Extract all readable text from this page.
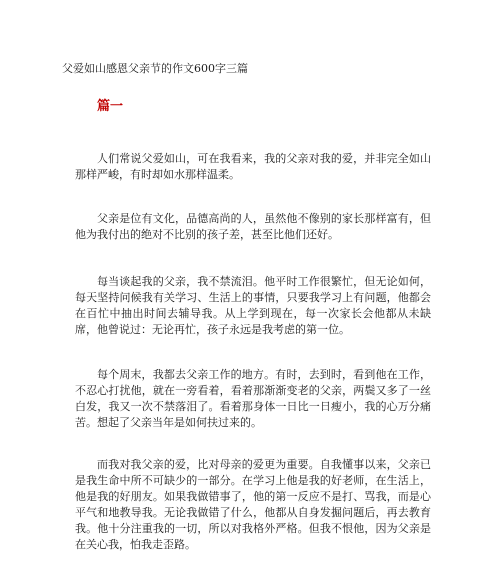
父爱如山感恩父亲节的作文600字三篇
篇一

人们常说父爱如山，可在我看来，我的父亲对我的爱，并非完全如山那样严峻，有时却如水那样温柔。

父亲是位有文化，品德高尚的人，虽然他不像别的家长那样富有，但他为我付出的绝对不比别的孩子差，甚至比他们还好。

每当谈起我的父亲，我不禁流泪。他平时工作很繁忙，但无论如何，每天坚持问候我有关学习、生活上的事情，只要我学习上有问题，他都会在百忙中抽出时间去辅导我。从上学到现在，每一次家长会他都从未缺席，他曾说过：无论再忙，孩子永远是我考虑的第一位。

每个周末，我都去父亲工作的地方。有时，去到时，看到他在工作，不忍心打扰他，就在一旁看着，看着那渐渐变老的父亲，两鬓又多了一丝白发，我又一次不禁落泪了。看着那身体一日比一日瘦小，我的心万分痛苦。想起了父亲当年是如何扶过来的。

而我对我父亲的爱，比对母亲的爱更为重要。自我懂事以来，父亲已是我生命中所不可缺少的一部分。在学习上他是我的好老师，在生活上，他是我的好朋友。如果我做错事了，他的第一反应不是打、骂我，而是心平气和地教导我。无论我做错了什么，他都从自身发掘问题后，再去教育我。他十分注重我的一切，所以对我格外严格。但我不恨他，因为父亲是在关心我，怕我走歪路。
